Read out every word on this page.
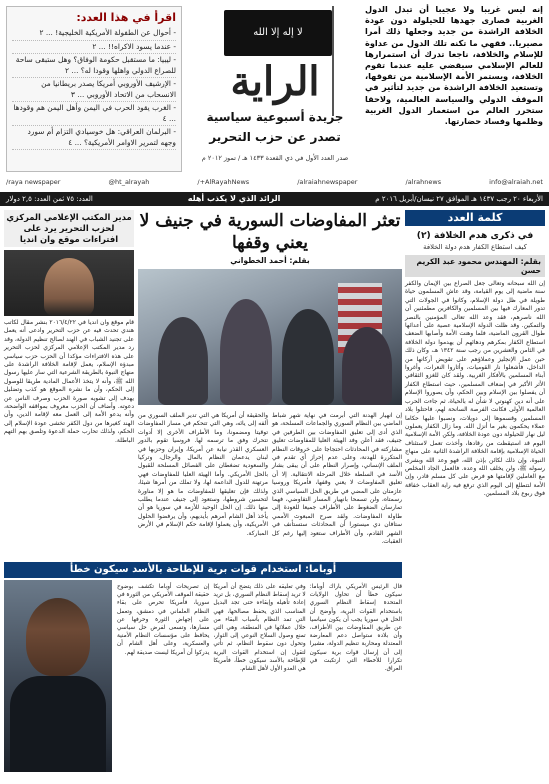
إنه ليس غريبا ولا عجيبا أن تبدل الدول الغربية قصارى جهدها للحيلولة دون عودة الخلافة الراشدة من جديد وجعلها ذلك أمرا مصيريا.. فقهي ما تكنه تلك الدول من عداوة للإسلام والخلافة، ناجعا تدرك أن استمرارها للعالم الإسلامي سيقضي عليه عندما تقوم الخلافة، ويستمر الأمة الإسلامية من تفوقها، وتستعيد الخلافة الراشدة من جديد لتأثير في الموقف الدولي والسياسة العالمية، ولاحقا ستحرر العالم من استعمار الدول الغربية وظلمها وفساد حضارتها.
لا إله إلا الله
الراية
جريدة أسبوعية سياسية
تصدر عن حزب التحرير
صدر العدد الأول في ذي القعدة ١٤٣٣ هـ / تموز ٢٠١٢ م
اقرأ في هذا العدد:
- أحوال عن الطفولة الأمريكية الخليجية! ... ٢
- عندما يسود الاكراه!! ... ٢
- ليبيا: ما مستقبل حكومة الوفاق؟ وهل ستبقى ساحة للصراع الدولي واهلها وقودا له؟ ... ٢
- الإرشيف الأوروبي أمريكا يصدر بريطانيا من الانسحاب من الاتحاد الأوروبي ... ٣
- الغرب يقود الحرب في اليمن وأهل اليمن هم وقودها ... ٤
- البرلمان العراقي: هل خوسيادي التزام أم سورد وجهه لتمرير الاوامر الأمريكية؟ ... ٤
/raya newspaper	@ht_alrayah	/+AlRayahNews	/alraiahnewspaper	/alrahnews	info@alraiah.net
الأربعاء ٢٠ رجب ١٤٣٧ هـ الموافق ٢٧ نيسان/أبريل ٢٠١٦ م
الرائد الذي لا يكذب أهله
العدد: ٧٥ ثمن العدد: ٢,٥ دولار
كلمة العدد
في ذكرى هدم الخلافة (٢)
كيف استطاع الكفار هدم دولة الخلافة
بقلم: المهندس محمود عبد الكريم حسن
إن الله سبحانه وتعالى جعل الصراع بين الإيمان والكفر سنة ماضية إلى يوم القيامة، وقد عاش المسلمون حياة طويلة في ظل دولة الإسلام، وكانوا في الجولات التي تدور المعارك فيها بين المسلمين والكافرين مطمئنين أن الله ناصرهم، فقد وعد الله تعالى المؤمنين بالنصر والتمكين. وقد ظلت الدولة الإسلامية عصية على أعدائها طوال القرون الماضية، فلما وهنت الأمة وأصابها الضعف استطاع الكفار بمكرهم ودهائهم أن يهدموا دولة الخلافة في الثامن والعشرين من رجب سنة ١٣٤٢ هـ، وكان ذلك حين عمل الإنجليز وعملاؤهم على تقويض أركانها من الداخل، فأشعلوا نار القوميات، وأثاروا النعرات، وأغروا أبناء المسلمين بالأفكار الغربية. ولقد كان للغزو الثقافي الأثر الأكبر في إضعاف المسلمين، حيث استطاع الكفار أن يفصلوا بين الإسلام وبين الحكم، وأن يصوروا الإسلام على أنه دين كهنوتي لا شأن له بالحياة، ثم جاءت الحرب العالمية الأولى فكانت الفرصة السانحة لهم، فاحتلوا بلاد المسلمين وقسموها إلى دويلات، ونصبوا عليها حكاما عملاء يحكمون بغير ما أنزل الله. وما زال الكفار يعملون ليل نهار للحيلولة دون عودة الخلافة، ولكن الأمة الإسلامية اليوم قد استيقظت من رقادها، وأخذت تعمل لاستئناف الحياة الإسلامية بإقامة الخلافة الراشدة الثانية على منهاج النبوة، وإن ذلك لكائن بإذن الله، فهو وعد الله وبشرى رسوله ﷺ، ولن يخلف الله وعده. فالعمل الجاد المخلص مع العاملين لإقامتها هو فرض على كل مسلم قادر، وإن الأمة لتتطلع إلى اليوم الذي ترفع فيه راية العقاب خفاقة فوق ربوع بلاد المسلمين.
تعثر المفاوضات السورية في جنيف لا يعني وقفها
بقلم: أحمد الخطواني
إن انهيار الهدنة التي أبرمت في نهاية شهر شباط الماضي بين النظام السوري والجماعات المسلحة، هو الذي أدى إلى تعليق المفاوضات بين الطرفين في جنيف، فقد أعلن وفد الهيئة العليا للمفاوضات تعليق مشاركته في المحادثات احتجاجا على خروقات النظام المتكررة للهدنة، وعلى عدم إحراز أي تقدم في الملف الإنساني، وإصرار النظام على أن يبقى بشار الأسد في السلطة خلال المرحلة الانتقالية. إلا أن تعليق المفاوضات لا يعني وقفها، فأمريكا وروسيا عازمتان على المضي في طريق الحل السياسي الذي رسمتاه، ولن تسمحا بانهيار المسار التفاوضي، فهما تمارسان الضغوط على الأطراف جميعا للعودة إلى طاولة المفاوضات. ولقد صرح المبعوث الأممي ستافان دي ميستورا أن المحادثات ستستأنف في الشهر القادم، وأن الأطراف ستعود إليها رغم كل العقبات.
والحقيقة أن أمريكا هي التي تدير الملف السوري من ألفه إلى يائه، وهي التي تتحكم في مسار المفاوضات توقيتا ومضمونا، وما الأطراف الأخرى إلا أدوات تتحرك وفق ما ترسمه لها. فروسيا تقوم بالدور العسكري القذر نيابة عن أمريكا، وإيران وحزبها في لبنان يدعمان النظام بالمال والرجال، وتركيا والسعودية تضغطان على الفصائل المسلحة للقبول بالحل الأمريكي. وأما الهيئة العليا للمفاوضات فهي مرتهنة للدول الداعمة لها، ولا تملك من أمرها شيئا، ولذلك فإن تعليقها للمفاوضات ما هو إلا مناورة لتحسين شروطها، وستعود إلى جنيف عندما يطلب منها ذلك. إن الحل الوحيد للأزمة في سوريا هو أن يأخذ أهل الشام أمرهم بأيديهم، وأن يرفضوا الحلول الأمريكية، وأن يعملوا لإقامة حكم الإسلام في الأرض المباركة.
مدير المكتب الإعلامي المركزي لحزب التحرير يرد على افتراءات موقع وان انديا
قام موقع وان انديا في ٢٠١٦/٤/٢٢ بنشر مقال لكاتب هندي تحدث فيه عن حزب التحرير وادعى أنه يعمل على تجنيد الشباب في الهند لصالح تنظيم الدولة، وقد رد مدير المكتب الإعلامي المركزي لحزب التحرير على هذه الافتراءات مؤكدا أن الحزب حزب سياسي مبدؤه الإسلام، يعمل لإقامة الخلافة الراشدة على منهاج النبوة بالطريقة الشرعية التي سار عليها رسول الله ﷺ، وأنه لا يتخذ الأعمال المادية طريقا للوصول إلى الحكم، وأن ما نشره الموقع هو كذب وتضليل يهدف إلى تشويه صورة الحزب وصرف الناس عن دعوته. وأضاف أن الحزب معروف بمواقفه الواضحة، وأنه يدعو الأمة إلى العمل معه لإقامة الدين، وأن الهند كغيرها من دول الكفر تخشى عودة الإسلام إلى الحكم، ولذلك تحارب حملة الدعوة وتلصق بهم التهم الباطلة.
أوباما: استخدام قوات برية للإطاحة بالأسد سيكون خطأ
قال الرئيس الأمريكي باراك أوباما: سيكون خطأ أن تحاول الولايات المتحدة إسقاط النظام السوري باستخدام القوات البرية، وأوضح أن الحل في سوريا يجب أن يكون سياسيا عن طريق المفاوضات بين الأطراف، وأن بلاده ستواصل دعم المعارضة المعتدلة ومحاربة تنظيم الدولة، مشيرا إلى أن إرسال قوات برية سيكون تكرارا للأخطاء التي ارتكبت في العراق.
وفي تعليقه على ذلك يتضح أن أمريكا لا تريد إسقاط النظام السوري، بل تريد إعادة تأهيله وإبقاءه حتى تجد البديل المناسب الذي يحفظ مصالحها، فهي التي تمد النظام بأسباب البقاء من خلال عملائها في المنطقة، وهي التي تمنع وصول السلاح النوعي إلى الثوار، وتحول دون سقوط النظام، ثم تأتي لتقول إن استخدام القوات البرية للإطاحة بالأسد سيكون خطأ، فأمريكا هي العدو الأول لأهل الشام.
إن تصريحات أوباما تكشف بوضوح حقيقة الموقف الأمريكي من الثورة في سوريا، فأمريكا تحرص على بقاء النظام العلماني في دمشق، وتعمل على إجهاض الثورة وحرفها عن مسارها، وتسعى لفرض حل سياسي يحافظ على مؤسسات النظام الأمنية والعسكرية، وعلى أهل الشام أن يدركوا أن أمريكا ليست صديقة لهم.
